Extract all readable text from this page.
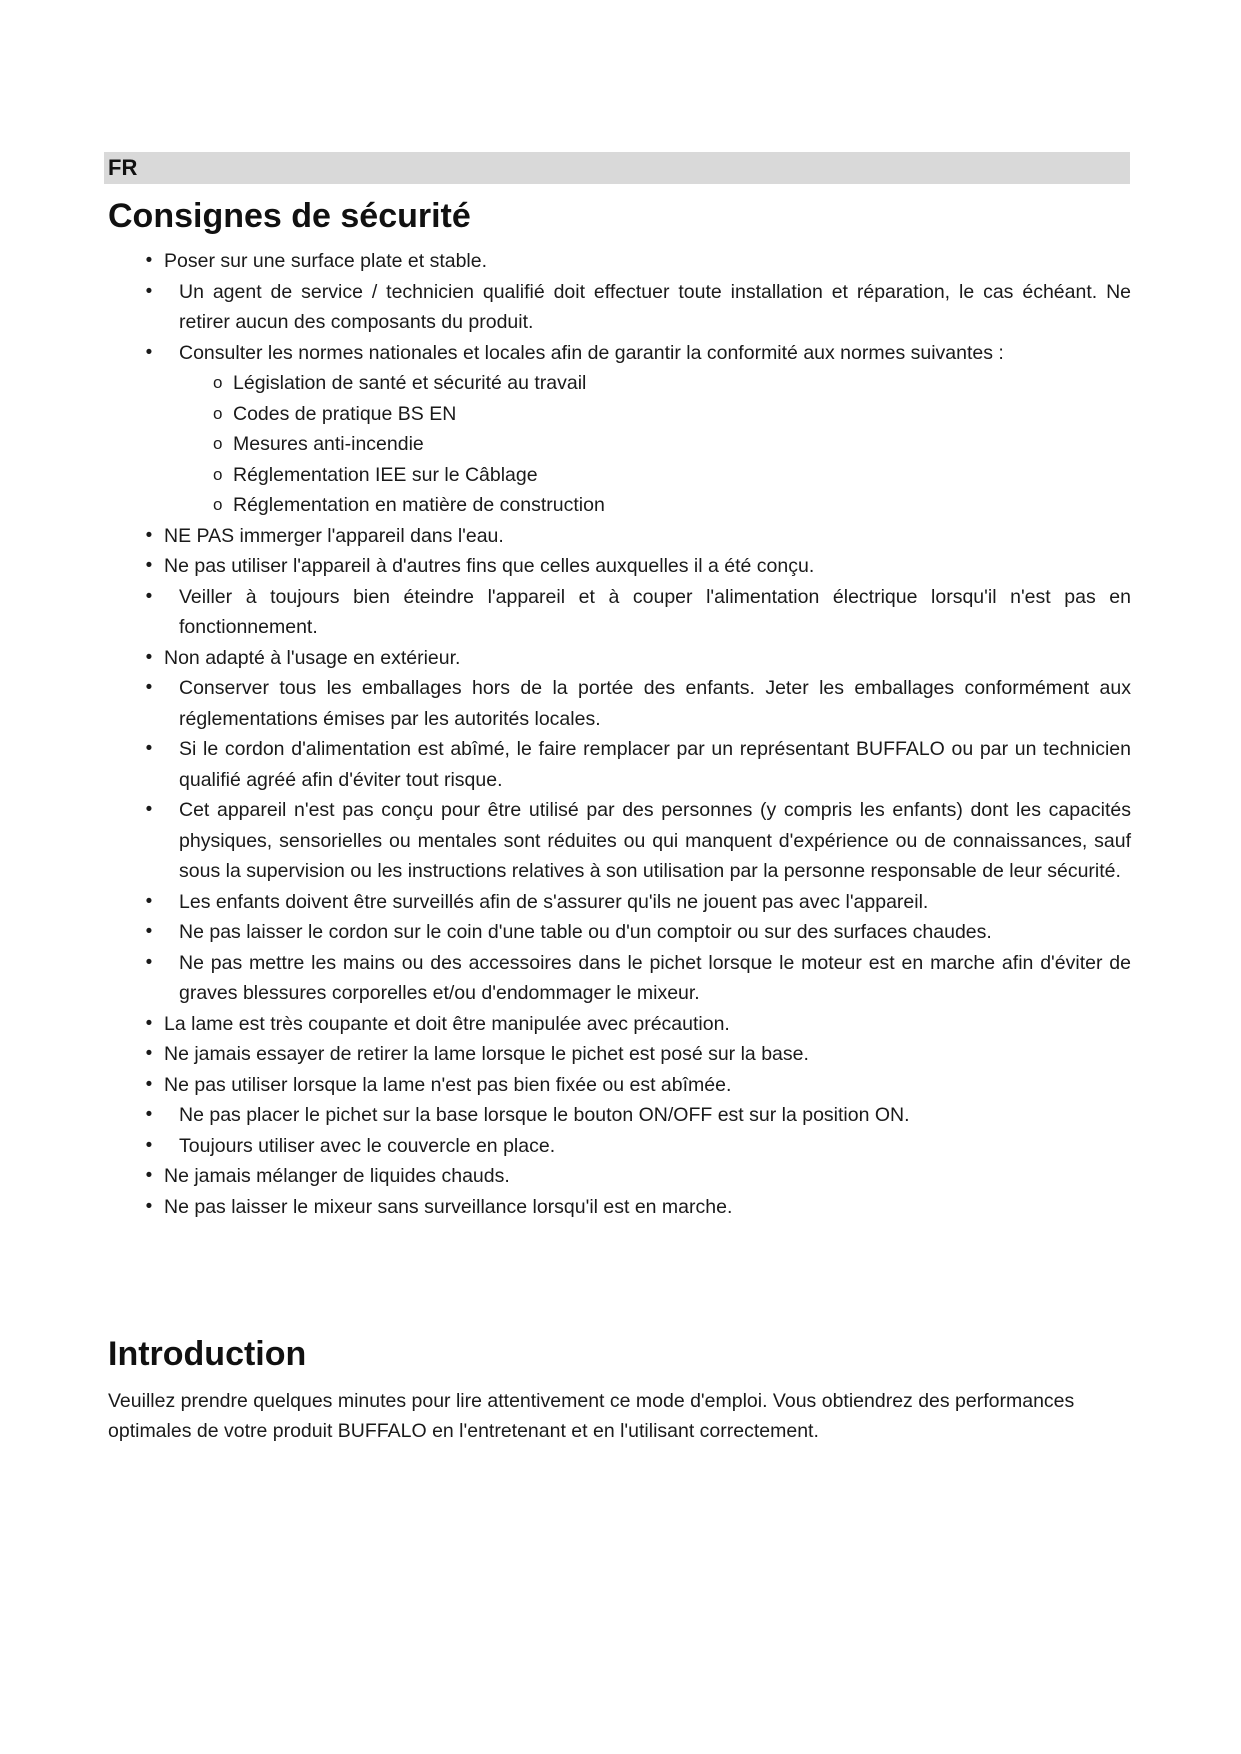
FR
Consignes de sécurité
• Poser sur une surface plate et stable.
• Un agent de service / technicien qualifié doit effectuer toute installation et réparation, le cas échéant. Ne retirer aucun des composants du produit.
• Consulter les normes nationales et locales afin de garantir la conformité aux normes suivantes :
o Législation de santé et sécurité au travail
o Codes de pratique BS EN
o Mesures anti-incendie
o Réglementation IEE sur le Câblage
o Réglementation en matière de construction
• NE PAS immerger l'appareil dans l'eau.
• Ne pas utiliser l'appareil à d'autres fins que celles auxquelles il a été conçu.
• Veiller à toujours bien éteindre l'appareil et à couper l'alimentation électrique lorsqu'il n'est pas en fonctionnement.
• Non adapté à l'usage en extérieur.
• Conserver tous les emballages hors de la portée des enfants. Jeter les emballages conformément aux réglementations émises par les autorités locales.
• Si le cordon d'alimentation est abîmé, le faire remplacer par un représentant BUFFALO ou par un technicien qualifié agréé afin d'éviter tout risque.
• Cet appareil n'est pas conçu pour être utilisé par des personnes (y compris les enfants) dont les capacités physiques, sensorielles ou mentales sont réduites ou qui manquent d'expérience ou de connaissances, sauf sous la supervision ou les instructions relatives à son utilisation par la personne responsable de leur sécurité.
• Les enfants doivent être surveillés afin de s'assurer qu'ils ne jouent pas avec l'appareil.
• Ne pas laisser le cordon sur le coin d'une table ou d'un comptoir ou sur des surfaces chaudes.
• Ne pas mettre les mains ou des accessoires dans le pichet lorsque le moteur est en marche afin d'éviter de graves blessures corporelles et/ou d'endommager le mixeur.
• La lame est très coupante et doit être manipulée avec précaution.
• Ne jamais essayer de retirer la lame lorsque le pichet est posé sur la base.
• Ne pas utiliser lorsque la lame n'est pas bien fixée ou est abîmée.
• Ne pas placer le pichet sur la base lorsque le bouton ON/OFF est sur la position ON.
• Toujours utiliser avec le couvercle en place.
• Ne jamais mélanger de liquides chauds.
• Ne pas laisser le mixeur sans surveillance lorsqu'il est en marche.
Introduction

Veuillez prendre quelques minutes pour lire attentivement ce mode d'emploi. Vous obtiendrez des performances optimales de votre produit BUFFALO en l'entretenant et en l'utilisant correctement.
